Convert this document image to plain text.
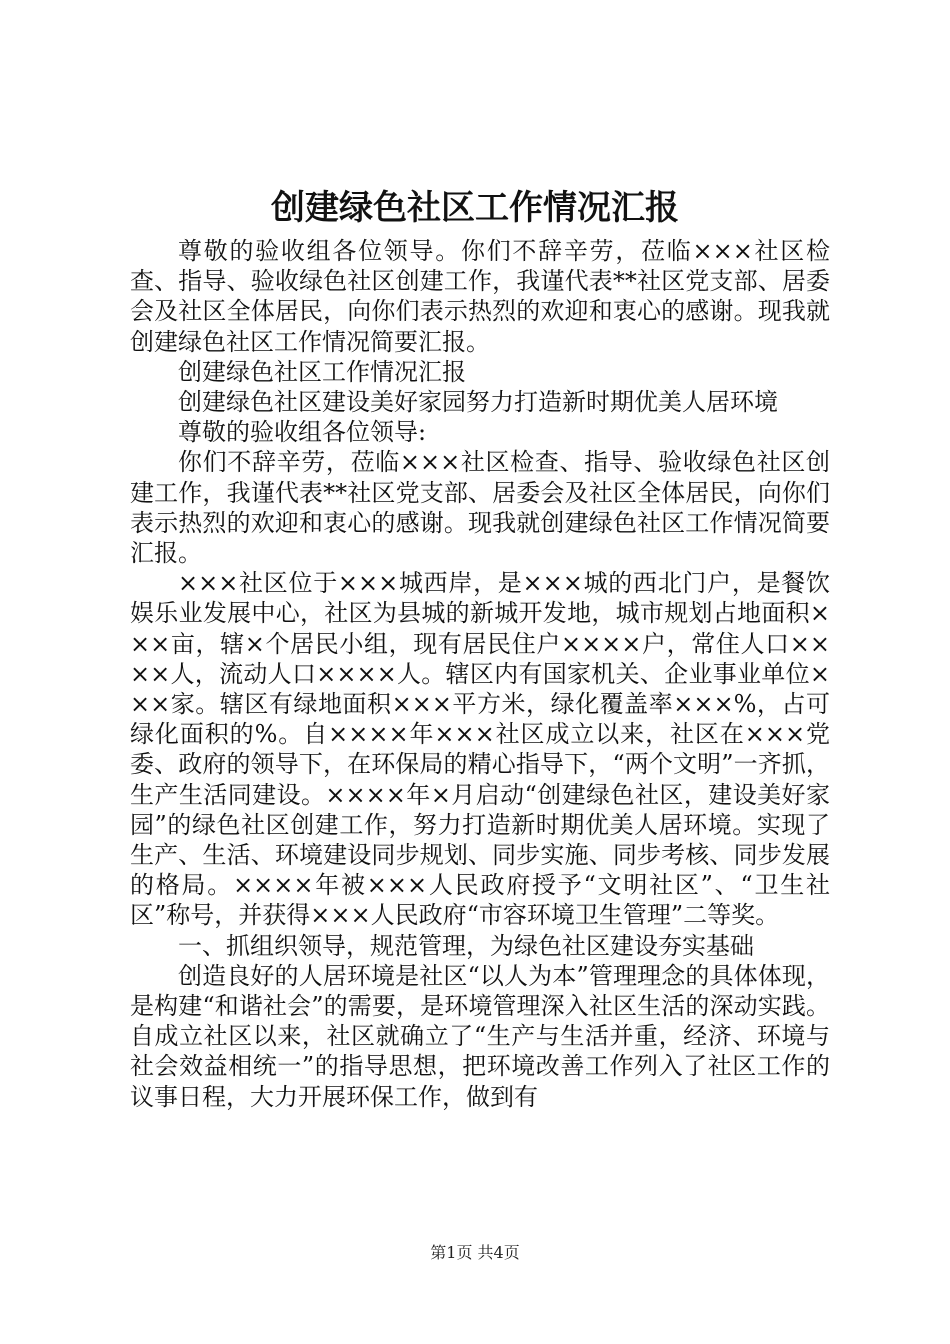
创建绿色社区工作情况汇报

尊敬的验收组各位领导。你们不辞辛劳，莅临×××社区检查、指导、验收绿色社区创建工作，我谨代表**社区党支部、居委会及社区全体居民，向你们表示热烈的欢迎和衷心的感谢。现我就创建绿色社区工作情况简要汇报。

创建绿色社区工作情况汇报

创建绿色社区建设美好家园努力打造新时期优美人居环境

尊敬的验收组各位领导:

你们不辞辛劳，莅临×××社区检查、指导、验收绿色社区创建工作，我谨代表**社区党支部、居委会及社区全体居民，向你们表示热烈的欢迎和衷心的感谢。现我就创建绿色社区工作情况简要汇报。

×××社区位于×××城西岸，是×××城的西北门户，是餐饮娱乐业发展中心，社区为县城的新城开发地，城市规划占地面积×××亩，辖×个居民小组，现有居民住户××××户，常住人口××××人，流动人口××××人。辖区内有国家机关、企业事业单位×××家。辖区有绿地面积×××平方米，绿化覆盖率×××%，占可绿化面积的%。自××××年×××社区成立以来，社区在×××党委、政府的领导下，在环保局的精心指导下，“两个文明”一齐抓，生产生活同建设。××××年×月启动“创建绿色社区，建设美好家园”的绿色社区创建工作，努力打造新时期优美人居环境。实现了生产、生活、环境建设同步规划、同步实施、同步考核、同步发展的格局。××××年被×××人民政府授予“文明社区”、“卫生社区”称号，并获得×××人民政府“市容环境卫生管理”二等奖。

一、抓组织领导，规范管理，为绿色社区建设夯实基础

创造良好的人居环境是社区“以人为本”管理理念的具体体现，是构建“和谐社会”的需要，是环境管理深入社区生活的深动实践。自成立社区以来，社区就确立了“生产与生活并重，经济、环境与社会效益相统一”的指导思想，把环境改善工作列入了社区工作的议事日程，大力开展环保工作，做到有

第1页 共4页
